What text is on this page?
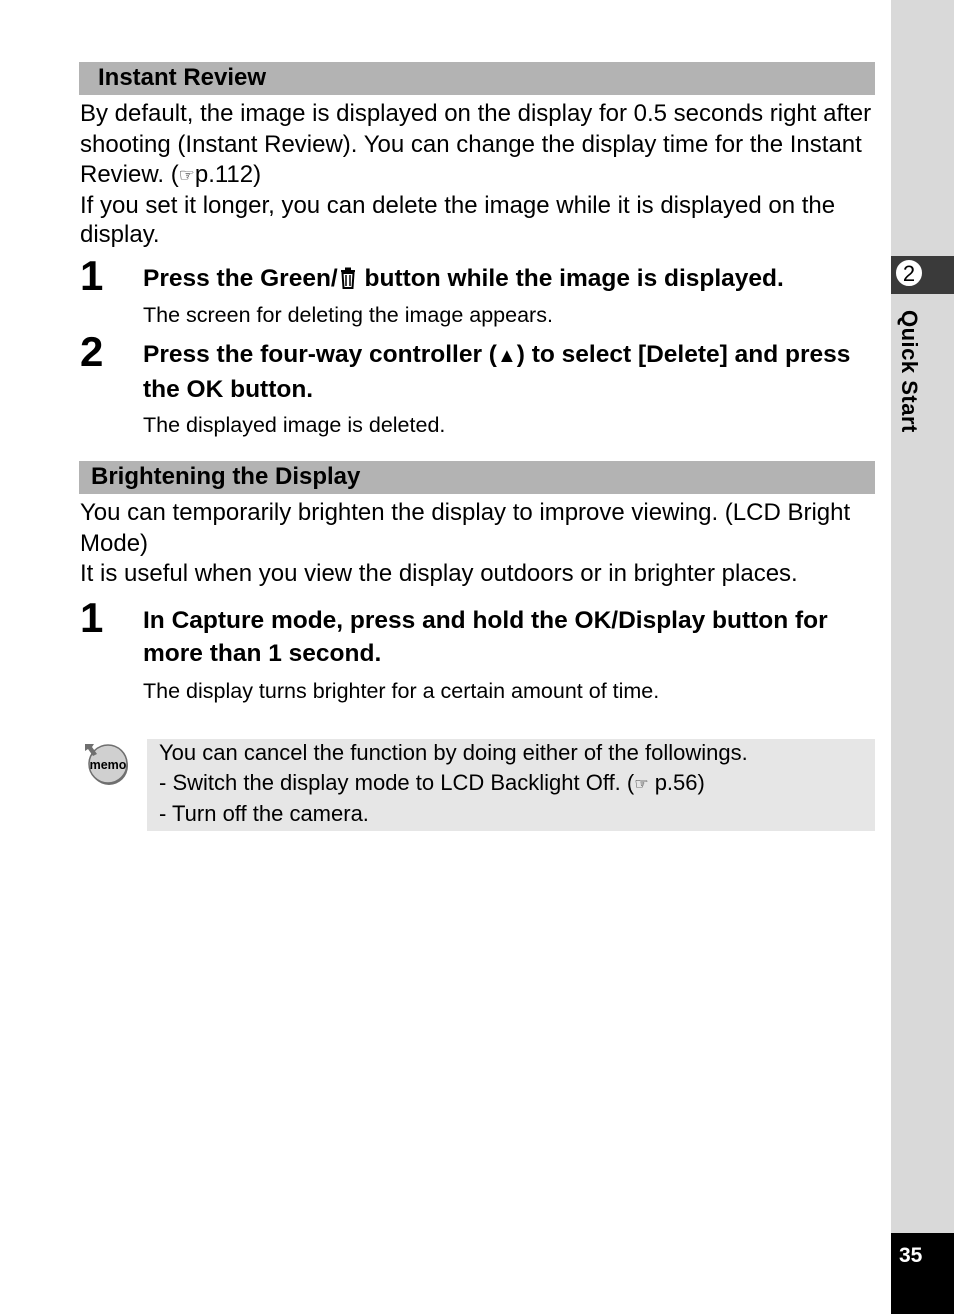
2
Quick Start
35
Instant Review

By default, the image is displayed on the display for 0.5 seconds right after shooting (Instant Review). You can change the display time for the Instant Review. (☞p.112)

If you set it longer, you can delete the image while it is displayed on the display.

1 Press the Green/ button while the image is displayed.
The screen for deleting the image appears.
2 Press the four-way controller (▲) to select [Delete] and press the OK button.
The displayed image is deleted.
Brightening the Display

You can temporarily brighten the display to improve viewing. (LCD Bright Mode)

It is useful when you view the display outdoors or in brighter places.

1 In Capture mode, press and hold the OK/Display button for more than 1 second.
The display turns brighter for a certain amount of time.
memo You can cancel the function by doing either of the followings.

- Switch the display mode to LCD Backlight Off. (☞ p.56)

- Turn off the camera.
